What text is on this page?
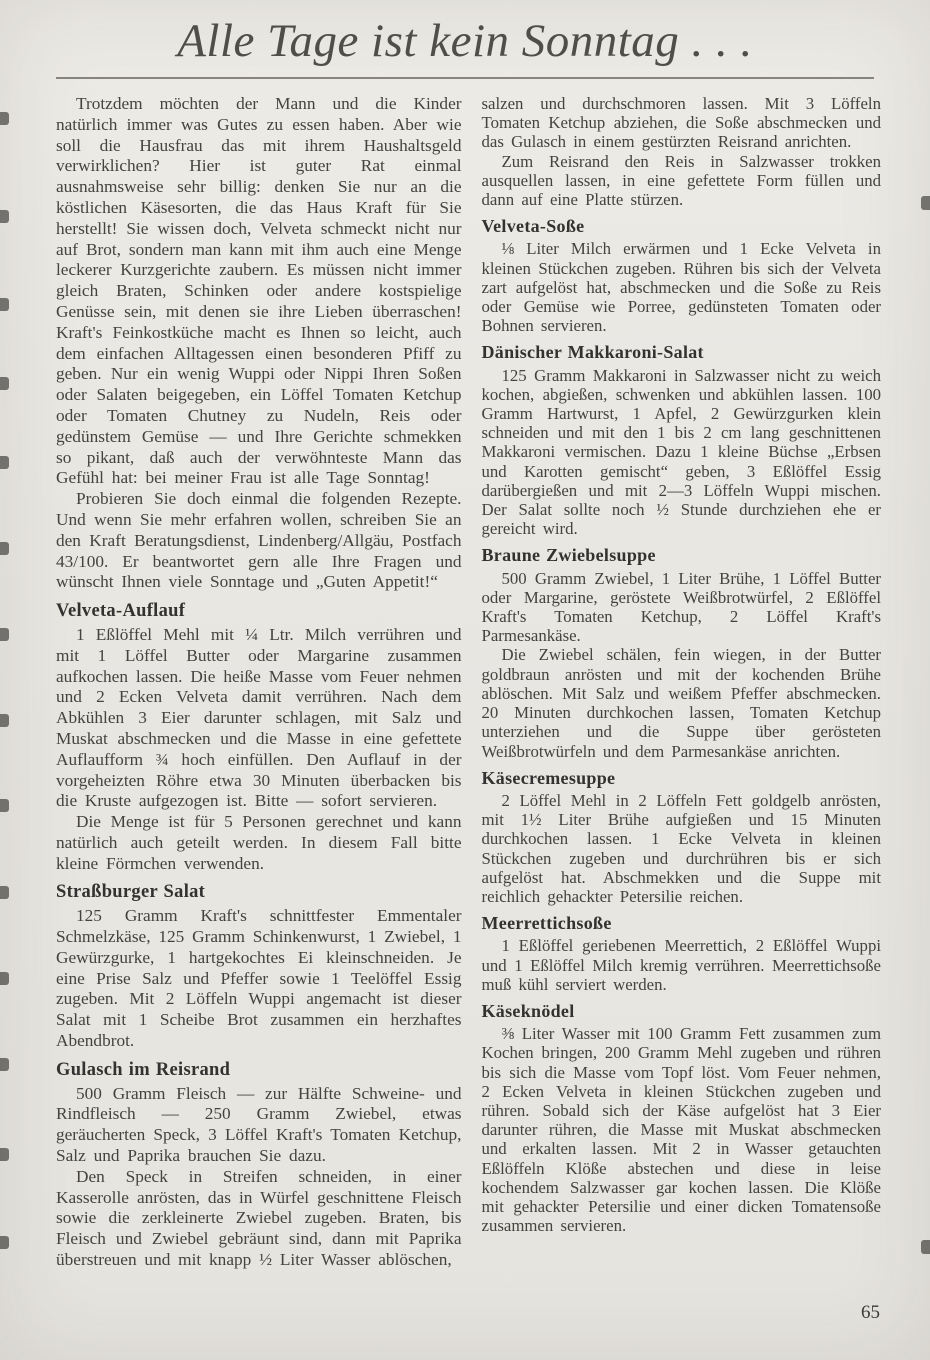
Alle Tage ist kein Sonntag . . .

Trotzdem möchten der Mann und die Kinder natürlich immer was Gutes zu essen haben. Aber wie soll die Hausfrau das mit ihrem Haushaltsgeld verwirklichen? Hier ist guter Rat einmal ausnahmsweise sehr billig: denken Sie nur an die köstlichen Käsesorten, die das Haus Kraft für Sie herstellt! Sie wissen doch, Velveta schmeckt nicht nur auf Brot, sondern man kann mit ihm auch eine Menge leckerer Kurzgerichte zaubern. Es müssen nicht immer gleich Braten, Schinken oder andere kostspielige Genüsse sein, mit denen sie ihre Lieben überraschen! Kraft's Feinkostküche macht es Ihnen so leicht, auch dem einfachen Alltagessen einen besonderen Pfiff zu geben. Nur ein wenig Wuppi oder Nippi Ihren Soßen oder Salaten beigegeben, ein Löffel Tomaten Ketchup oder Tomaten Chutney zu Nudeln, Reis oder gedünstem Gemüse — und Ihre Gerichte schmekken so pikant, daß auch der verwöhnteste Mann das Gefühl hat: bei meiner Frau ist alle Tage Sonntag!

Probieren Sie doch einmal die folgenden Rezepte. Und wenn Sie mehr erfahren wollen, schreiben Sie an den Kraft Beratungsdienst, Lindenberg/Allgäu, Postfach 43/100. Er beantwortet gern alle Ihre Fragen und wünscht Ihnen viele Sonntage und „Guten Appetit!“

Velveta-Auflauf

1 Eßlöffel Mehl mit ¼ Ltr. Milch verrühren und mit 1 Löffel Butter oder Margarine zusammen aufkochen lassen. Die heiße Masse vom Feuer nehmen und 2 Ecken Velveta damit verrühren. Nach dem Abkühlen 3 Eier darunter schlagen, mit Salz und Muskat abschmecken und die Masse in eine gefettete Auflaufform ¾ hoch einfüllen. Den Auflauf in der vorgeheizten Röhre etwa 30 Minuten überbacken bis die Kruste aufgezogen ist. Bitte — sofort servieren.

Die Menge ist für 5 Personen gerechnet und kann natürlich auch geteilt werden. In diesem Fall bitte kleine Förmchen verwenden.

Straßburger Salat

125 Gramm Kraft's schnittfester Emmentaler Schmelzkäse, 125 Gramm Schinkenwurst, 1 Zwiebel, 1 Gewürzgurke, 1 hartgekochtes Ei kleinschneiden. Je eine Prise Salz und Pfeffer sowie 1 Teelöffel Essig zugeben. Mit 2 Löffeln Wuppi angemacht ist dieser Salat mit 1 Scheibe Brot zusammen ein herzhaftes Abendbrot.

Gulasch im Reisrand

500 Gramm Fleisch — zur Hälfte Schweine- und Rindfleisch — 250 Gramm Zwiebel, etwas geräucherten Speck, 3 Löffel Kraft's Tomaten Ketchup, Salz und Paprika brauchen Sie dazu.

Den Speck in Streifen schneiden, in einer Kasserolle anrösten, das in Würfel geschnittene Fleisch sowie die zerkleinerte Zwiebel zugeben. Braten, bis Fleisch und Zwiebel gebräunt sind, dann mit Paprika überstreuen und mit knapp ½ Liter Wasser ablöschen,

salzen und durchschmoren lassen. Mit 3 Löffeln Tomaten Ketchup abziehen, die Soße abschmecken und das Gulasch in einem gestürzten Reisrand anrichten.

Zum Reisrand den Reis in Salzwasser trokken ausquellen lassen, in eine gefettete Form füllen und dann auf eine Platte stürzen.

Velveta-Soße

⅛ Liter Milch erwärmen und 1 Ecke Velveta in kleinen Stückchen zugeben. Rühren bis sich der Velveta zart aufgelöst hat, abschmecken und die Soße zu Reis oder Gemüse wie Porree, gedünsteten Tomaten oder Bohnen servieren.

Dänischer Makkaroni-Salat

125 Gramm Makkaroni in Salzwasser nicht zu weich kochen, abgießen, schwenken und abkühlen lassen. 100 Gramm Hartwurst, 1 Apfel, 2 Gewürzgurken klein schneiden und mit den 1 bis 2 cm lang geschnittenen Makkaroni vermischen. Dazu 1 kleine Büchse „Erbsen und Karotten gemischt“ geben, 3 Eßlöffel Essig darübergießen und mit 2—3 Löffeln Wuppi mischen. Der Salat sollte noch ½ Stunde durchziehen ehe er gereicht wird.

Braune Zwiebelsuppe

500 Gramm Zwiebel, 1 Liter Brühe, 1 Löffel Butter oder Margarine, geröstete Weißbrotwürfel, 2 Eßlöffel Kraft's Tomaten Ketchup, 2 Löffel Kraft's Parmesankäse.

Die Zwiebel schälen, fein wiegen, in der Butter goldbraun anrösten und mit der kochenden Brühe ablöschen. Mit Salz und weißem Pfeffer abschmecken. 20 Minuten durchkochen lassen, Tomaten Ketchup unterziehen und die Suppe über gerösteten Weißbrotwürfeln und dem Parmesankäse anrichten.

Käsecremesuppe

2 Löffel Mehl in 2 Löffeln Fett goldgelb anrösten, mit 1½ Liter Brühe aufgießen und 15 Minuten durchkochen lassen. 1 Ecke Velveta in kleinen Stückchen zugeben und durchrühren bis er sich aufgelöst hat. Abschmekken und die Suppe mit reichlich gehackter Petersilie reichen.

Meerrettichsoße

1 Eßlöffel geriebenen Meerrettich, 2 Eßlöffel Wuppi und 1 Eßlöffel Milch kremig verrühren. Meerrettichsoße muß kühl serviert werden.

Käseknödel

⅜ Liter Wasser mit 100 Gramm Fett zusammen zum Kochen bringen, 200 Gramm Mehl zugeben und rühren bis sich die Masse vom Topf löst. Vom Feuer nehmen, 2 Ecken Velveta in kleinen Stückchen zugeben und rühren. Sobald sich der Käse aufgelöst hat 3 Eier darunter rühren, die Masse mit Muskat abschmecken und erkalten lassen. Mit 2 in Wasser getauchten Eßlöffeln Klöße abstechen und diese in leise kochendem Salzwasser gar kochen lassen. Die Klöße mit gehackter Petersilie und einer dicken Tomatensoße zusammen servieren.

65
